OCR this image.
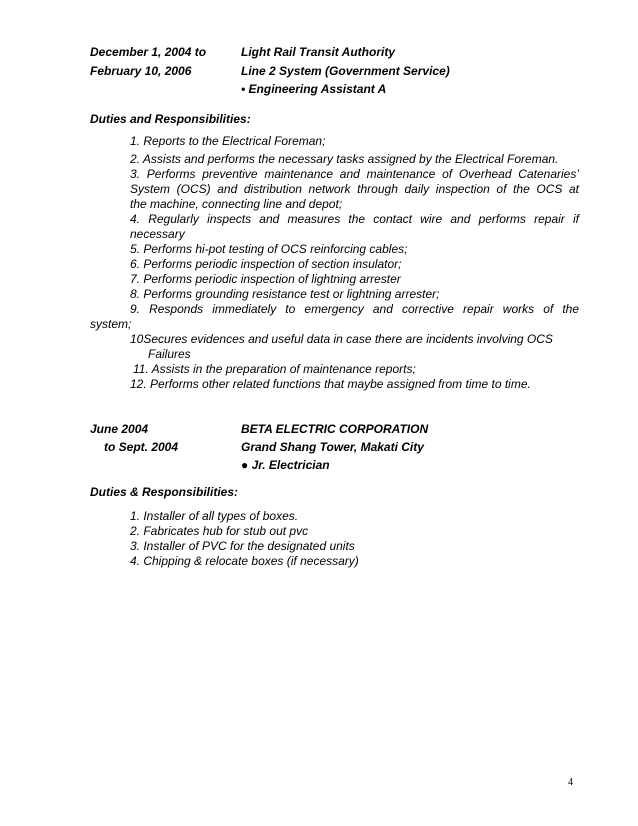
December 1, 2004 to
February 10, 2006
Light Rail Transit Authority
Line 2 System (Government Service)
• Engineering Assistant A
Duties and Responsibilities:
1. Reports to the Electrical Foreman;
2. Assists and performs the necessary tasks assigned by the Electrical Foreman.
3. Performs preventive maintenance and maintenance of Overhead Catenaries’
System (OCS) and distribution network through daily inspection of the OCS at
the machine, connecting line and depot;
4. Regularly inspects and measures the contact wire and performs repair if
necessary
5. Performs hi-pot testing of OCS reinforcing cables;
6. Performs periodic inspection of section insulator;
7. Performs periodic inspection of lightning arrester
8. Performs grounding resistance test or lightning arrester;
9. Responds immediately to emergency and corrective repair works of the
system;
10Secures evidences and useful data in case there are incidents involving OCS
Failures
11. Assists in the preparation of maintenance reports;
12. Performs other related functions that maybe assigned from time to time.
June 2004
to Sept. 2004
BETA ELECTRIC CORPORATION
Grand Shang Tower, Makati City
● Jr. Electrician
Duties & Responsibilities:
1. Installer of all types of boxes.
2. Fabricates hub for stub out pvc
3. Installer of PVC for the designated units
4. Chipping & relocate boxes (if necessary)
4
